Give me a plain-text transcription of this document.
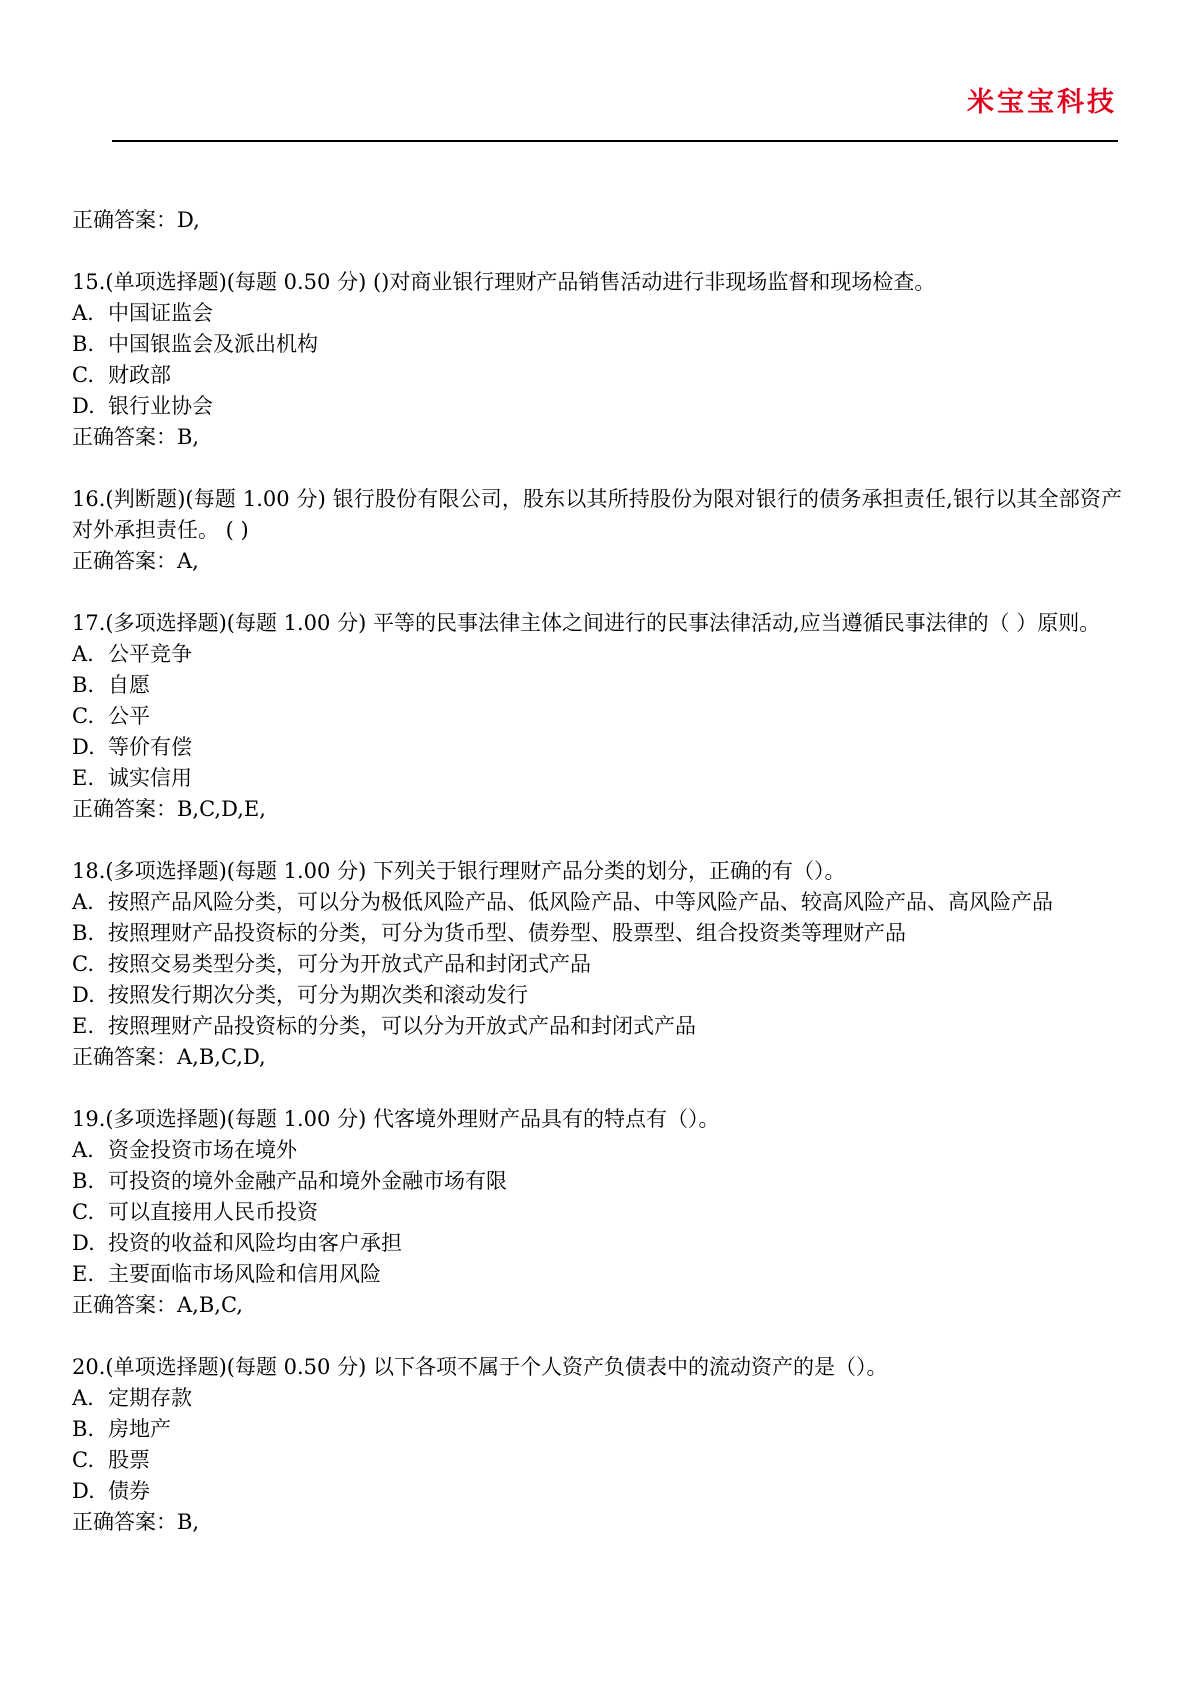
米宝宝科技
正确答案：D,
15.(单项选择题)(每题 0.50 分) ()对商业银行理财产品销售活动进行非现场监督和现场检查。
A. 中国证监会
B. 中国银监会及派出机构
C. 财政部
D. 银行业协会
正确答案：B,
16.(判断题)(每题 1.00 分) 银行股份有限公司，股东以其所持股份为限对银行的债务承担责任,银行以其全部资产 对外承担责任。 ( )
正确答案：A,
17.(多项选择题)(每题 1.00 分) 平等的民事法律主体之间进行的民事法律活动,应当遵循民事法律的（ ）原则。
A. 公平竞争
B. 自愿
C. 公平
D. 等价有偿
E. 诚实信用
正确答案：B,C,D,E,
18.(多项选择题)(每题 1.00 分) 下列关于银行理财产品分类的划分，正确的有（）。
A. 按照产品风险分类，可以分为极低风险产品、低风险产品、中等风险产品、较高风险产品、高风险产品
B. 按照理财产品投资标的分类，可分为货币型、债券型、股票型、组合投资类等理财产品
C. 按照交易类型分类，可分为开放式产品和封闭式产品
D. 按照发行期次分类，可分为期次类和滚动发行
E. 按照理财产品投资标的分类，可以分为开放式产品和封闭式产品
正确答案：A,B,C,D,
19.(多项选择题)(每题 1.00 分) 代客境外理财产品具有的特点有（）。
A. 资金投资市场在境外
B. 可投资的境外金融产品和境外金融市场有限
C. 可以直接用人民币投资
D. 投资的收益和风险均由客户承担
E. 主要面临市场风险和信用风险
正确答案：A,B,C,
20.(单项选择题)(每题 0.50 分) 以下各项不属于个人资产负债表中的流动资产的是（）。
A. 定期存款
B. 房地产
C. 股票
D. 债券
正确答案：B,
